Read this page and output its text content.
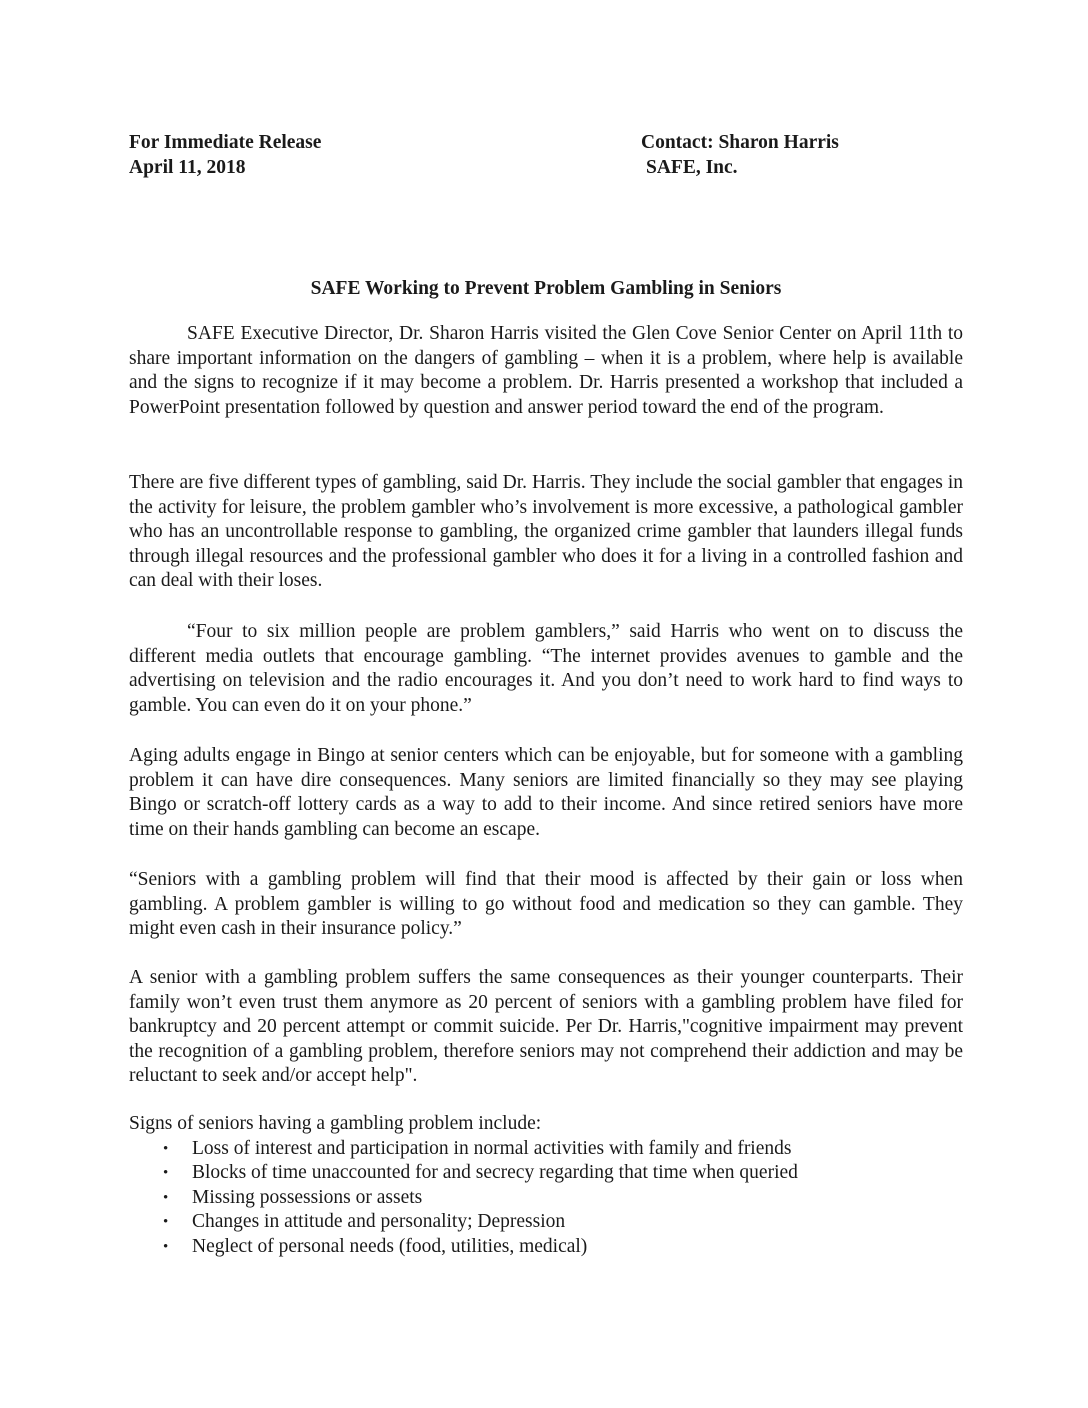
For Immediate Release
April 11, 2018
Contact: Sharon Harris
SAFE, Inc.
SAFE Working to Prevent Problem Gambling in Seniors

SAFE Executive Director, Dr. Sharon Harris visited the Glen Cove Senior Center on April 11th to share important information on the dangers of gambling – when it is a problem, where help is available and the signs to recognize if it may become a problem. Dr. Harris presented a workshop that included a PowerPoint presentation followed by question and answer period toward the end of the program.

There are five different types of gambling, said Dr. Harris. They include the social gambler that engages in the activity for leisure, the problem gambler who’s involvement is more excessive, a pathological gambler who has an uncontrollable response to gambling, the organized crime gambler that launders illegal funds through illegal resources and the professional gambler who does it for a living in a controlled fashion and can deal with their loses.

“Four to six million people are problem gamblers,” said Harris who went on to discuss the different media outlets that encourage gambling. “The internet provides avenues to gamble and the advertising on television and the radio encourages it. And you don’t need to work hard to find ways to gamble. You can even do it on your phone.”

Aging adults engage in Bingo at senior centers which can be enjoyable, but for someone with a gambling problem it can have dire consequences. Many seniors are limited financially so they may see playing Bingo or scratch-off lottery cards as a way to add to their income. And since retired seniors have more time on their hands gambling can become an escape.

“Seniors with a gambling problem will find that their mood is affected by their gain or loss when gambling. A problem gambler is willing to go without food and medication so they can gamble. They might even cash in their insurance policy.”

A senior with a gambling problem suffers the same consequences as their younger counterparts. Their family won’t even trust them anymore as 20 percent of seniors with a gambling problem have filed for bankruptcy and 20 percent attempt or commit suicide. Per Dr. Harris,"cognitive impairment may prevent the recognition of a gambling problem, therefore seniors may not comprehend their addiction and may be reluctant to seek and/or accept help".

Signs of seniors having a gambling problem include:
• Loss of interest and participation in normal activities with family and friends
• Blocks of time unaccounted for and secrecy regarding that time when queried
• Missing possessions or assets
• Changes in attitude and personality; Depression
• Neglect of personal needs (food, utilities, medical)
